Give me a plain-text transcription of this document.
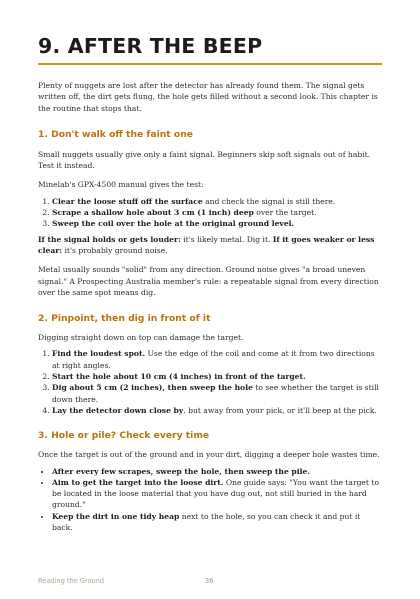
9. AFTER THE BEEP

Plenty of nuggets are lost after the detector has already found them. The signal gets written off, the dirt gets flung, the hole gets filled without a second look. This chapter is the routine that stops that.

1. Don't walk off the faint one

Small nuggets usually give only a faint signal. Beginners skip soft signals out of habit. Test it instead.

Minelab's GPX-4500 manual gives the test:

1. Clear the loose stuff off the surface and check the signal is still there.
2. Scrape a shallow hole about 3 cm (1 inch) deep over the target.
3. Sweep the coil over the hole at the original ground level.

If the signal holds or gets louder: it's likely metal. Dig it. If it goes weaker or less clear: it's probably ground noise.

Metal usually sounds "solid" from any direction. Ground noise gives "a broad uneven signal." A Prospecting Australia member's rule: a repeatable signal from every direction over the same spot means dig.

2. Pinpoint, then dig in front of it

Digging straight down on top can damage the target.

1. Find the loudest spot. Use the edge of the coil and come at it from two directions at right angles.
2. Start the hole about 10 cm (4 inches) in front of the target.
3. Dig about 5 cm (2 inches), then sweep the hole to see whether the target is still down there.
4. Lay the detector down close by, but away from your pick, or it'll beep at the pick.
3. Hole or pile? Check every time

Once the target is out of the ground and in your dirt, digging a deeper hole wastes time.

• After every few scrapes, sweep the hole, then sweep the pile.
• Aim to get the target into the loose dirt. One guide says: "You want the target to be located in the loose material that you have dug out, not still buried in the hard ground."
• Keep the dirt in one tidy heap next to the hole, so you can check it and put it back.
Reading the Ground	36
